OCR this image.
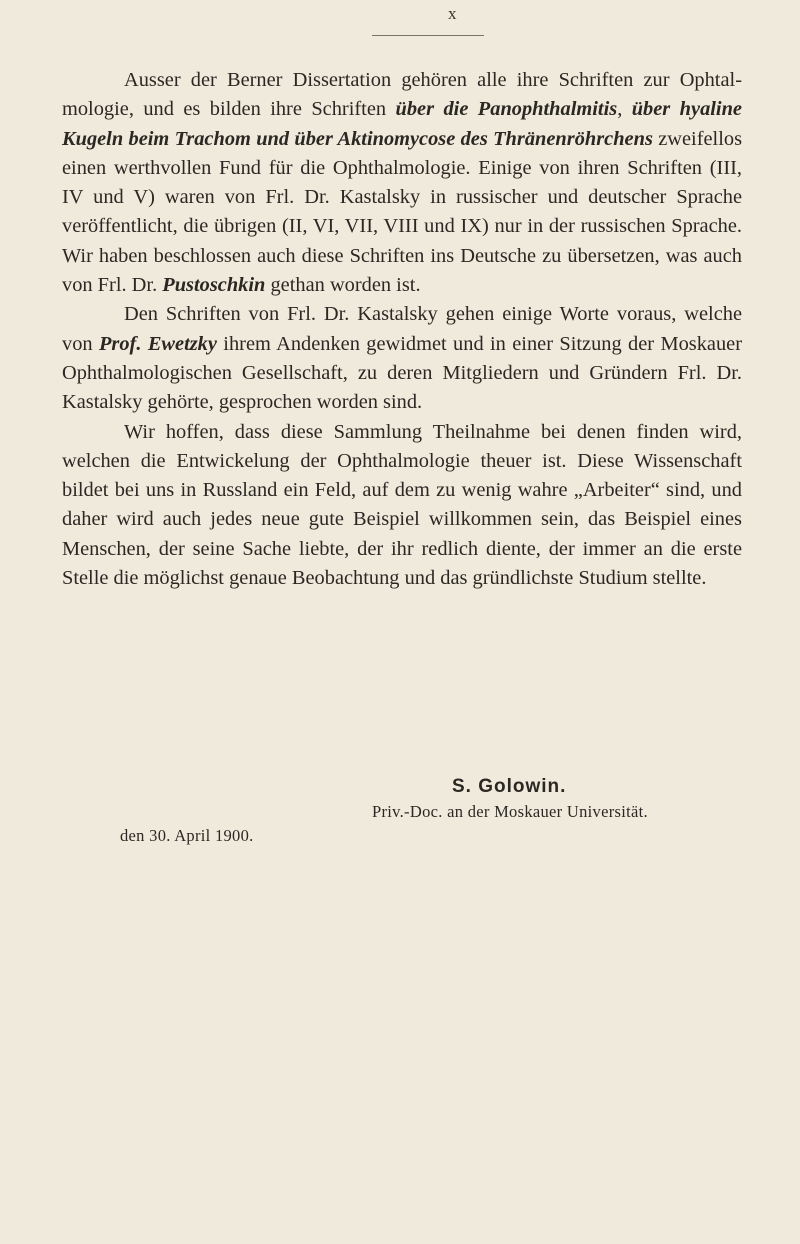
x

Ausser der Berner Dissertation gehören alle ihre Schriften zur Ophtalmologie, und es bilden ihre Schriften über die Panophthalmitis, über hyaline Kugeln beim Trachom und über Aktinomycose des Thränenröhrchens zweifellos einen werthvollen Fund für die Ophthalmologie. Einige von ihren Schriften (III, IV und V) waren von Frl. Dr. Kastalsky in russischer und deutscher Sprache veröffentlicht, die übrigen (II, VI, VII, VIII und IX) nur in der russischen Sprache. Wir haben beschlossen auch diese Schriften ins Deutsche zu übersetzen, was auch von Frl. Dr. Pustoschkin gethan worden ist.

Den Schriften von Frl. Dr. Kastalsky gehen einige Worte voraus, welche von Prof. Ewetzky ihrem Andenken gewidmet und in einer Sitzung der Moskauer Ophthalmologischen Gesellschaft, zu deren Mitgliedern und Gründern Frl. Dr. Kastalsky gehörte, gesprochen worden sind.

Wir hoffen, dass diese Sammlung Theilnahme bei denen finden wird, welchen die Entwickelung der Ophthalmologie theuer ist. Diese Wissenschaft bildet bei uns in Russland ein Feld, auf dem zu wenig wahre „Arbeiter“ sind, und daher wird auch jedes neue gute Beispiel willkommen sein, das Beispiel eines Menschen, der seine Sache liebte, der ihr redlich diente, der immer an die erste Stelle die möglichst genaue Beobachtung und das gründlichste Studium stellte.

S. Golowin.
Priv.-Doc. an der Moskauer Universität.
den 30. April 1900.
